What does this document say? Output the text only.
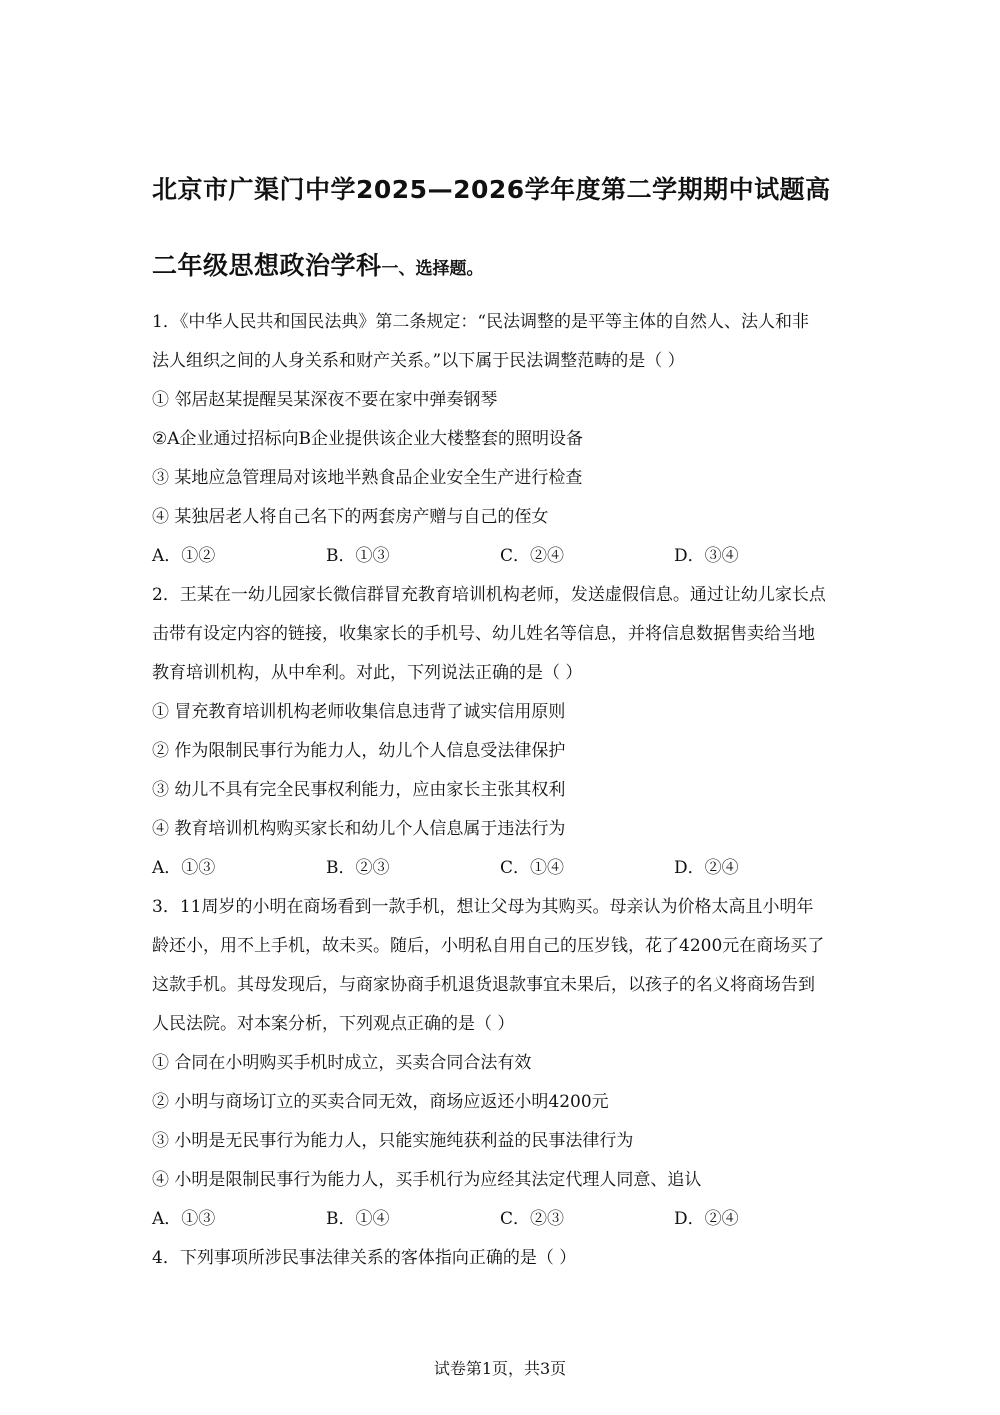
北京市广渠门中学2025—2026学年度第二学期期中试题高
二年级思想政治学科一、选择题。
1．《中华人民共和国民法典》第二条规定：“民法调整的是平等主体的自然人、法人和非
法人组织之间的人身关系和财产关系。”以下属于民法调整范畴的是（ ）
① 邻居赵某提醒吴某深夜不要在家中弹奏钢琴
②A企业通过招标向B企业提供该企业大楼整套的照明设备
③ 某地应急管理局对该地半熟食品企业安全生产进行检查
④ 某独居老人将自己名下的两套房产赠与自己的侄女
A．①②	B．①③	C．②④	D．③④
2．王某在一幼儿园家长微信群冒充教育培训机构老师，发送虚假信息。通过让幼儿家长点
击带有设定内容的链接，收集家长的手机号、幼儿姓名等信息，并将信息数据售卖给当地
教育培训机构，从中牟利。对此，下列说法正确的是（ ）
① 冒充教育培训机构老师收集信息违背了诚实信用原则
② 作为限制民事行为能力人，幼儿个人信息受法律保护
③ 幼儿不具有完全民事权利能力，应由家长主张其权利
④ 教育培训机构购买家长和幼儿个人信息属于违法行为
A．①③	B．②③	C．①④	D．②④
3．11周岁的小明在商场看到一款手机，想让父母为其购买。母亲认为价格太高且小明年
龄还小，用不上手机，故未买。随后，小明私自用自己的压岁钱，花了4200元在商场买了
这款手机。其母发现后，与商家协商手机退货退款事宜未果后，以孩子的名义将商场告到
人民法院。对本案分析，下列观点正确的是（ ）
① 合同在小明购买手机时成立，买卖合同合法有效
② 小明与商场订立的买卖合同无效，商场应返还小明4200元
③ 小明是无民事行为能力人，只能实施纯获利益的民事法律行为
④ 小明是限制民事行为能力人，买手机行为应经其法定代理人同意、追认
A．①③	B．①④	C．②③	D．②④
4．下列事项所涉民事法律关系的客体指向正确的是（ ）
试卷第1页，共3页
